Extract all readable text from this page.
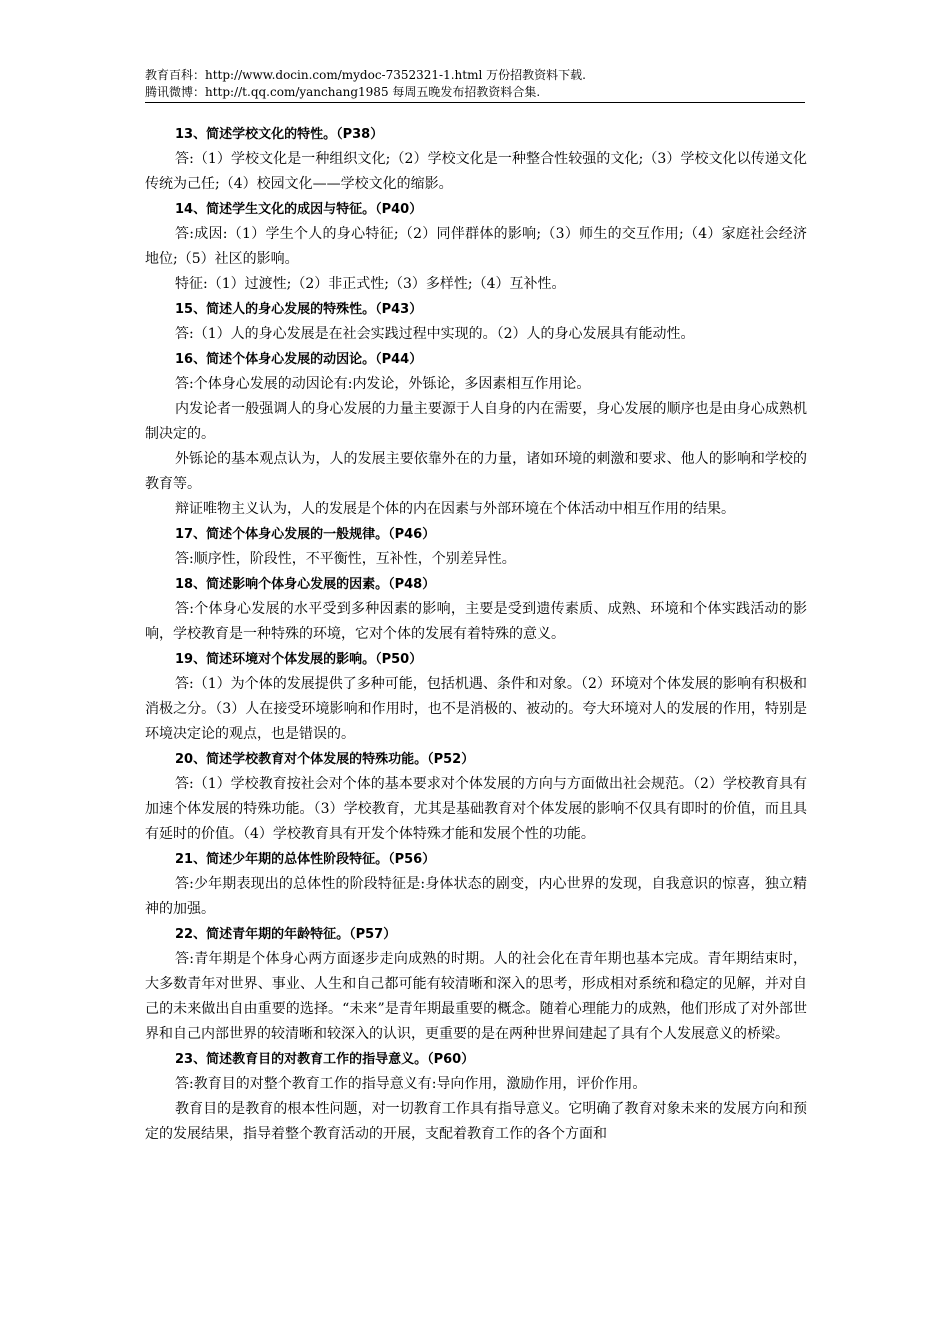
教育百科：http://www.docin.com/mydoc-7352321-1.html 万份招教资料下载.
腾讯微博：http://t.qq.com/yanchang1985 每周五晚发布招教资料合集.

13、简述学校文化的特性。（P38）

答:（1）学校文化是一种组织文化;（2）学校文化是一种整合性较强的文化;（3）学校文化以传递文化传统为己任;（4）校园文化——学校文化的缩影。

14、简述学生文化的成因与特征。（P40）

答:成因:（1）学生个人的身心特征;（2）同伴群体的影响;（3）师生的交互作用;（4）家庭社会经济地位;（5）社区的影响。

特征:（1）过渡性;（2）非正式性;（3）多样性;（4）互补性。

15、简述人的身心发展的特殊性。（P43）

答:（1）人的身心发展是在社会实践过程中实现的。（2）人的身心发展具有能动性。

16、简述个体身心发展的动因论。（P44）

答:个体身心发展的动因论有:内发论，外铄论，多因素相互作用论。

内发论者一般强调人的身心发展的力量主要源于人自身的内在需要，身心发展的顺序也是由身心成熟机制决定的。

外铄论的基本观点认为，人的发展主要依靠外在的力量，诸如环境的刺激和要求、他人的影响和学校的教育等。

辩证唯物主义认为，人的发展是个体的内在因素与外部环境在个体活动中相互作用的结果。

17、简述个体身心发展的一般规律。（P46）

答:顺序性，阶段性，不平衡性，互补性，个别差异性。

18、简述影响个体身心发展的因素。（P48）

答:个体身心发展的水平受到多种因素的影响，主要是受到遗传素质、成熟、环境和个体实践活动的影响，学校教育是一种特殊的环境，它对个体的发展有着特殊的意义。

19、简述环境对个体发展的影响。（P50）

答:（1）为个体的发展提供了多种可能，包括机遇、条件和对象。（2）环境对个体发展的影响有积极和消极之分。（3）人在接受环境影响和作用时，也不是消极的、被动的。夸大环境对人的发展的作用，特别是环境决定论的观点，也是错误的。

20、简述学校教育对个体发展的特殊功能。（P52）

答:（1）学校教育按社会对个体的基本要求对个体发展的方向与方面做出社会规范。（2）学校教育具有加速个体发展的特殊功能。（3）学校教育，尤其是基础教育对个体发展的影响不仅具有即时的价值，而且具有延时的价值。（4）学校教育具有开发个体特殊才能和发展个性的功能。

21、简述少年期的总体性阶段特征。（P56）

答:少年期表现出的总体性的阶段特征是:身体状态的剧变，内心世界的发现，自我意识的惊喜，独立精神的加强。

22、简述青年期的年龄特征。（P57）

答:青年期是个体身心两方面逐步走向成熟的时期。人的社会化在青年期也基本完成。青年期结束时，大多数青年对世界、事业、人生和自己都可能有较清晰和深入的思考，形成相对系统和稳定的见解，并对自己的未来做出自由重要的选择。“未来”是青年期最重要的概念。随着心理能力的成熟，他们形成了对外部世界和自己内部世界的较清晰和较深入的认识，更重要的是在两种世界间建起了具有个人发展意义的桥梁。

23、简述教育目的对教育工作的指导意义。（P60）

答:教育目的对整个教育工作的指导意义有:导向作用，激励作用，评价作用。

教育目的是教育的根本性问题，对一切教育工作具有指导意义。它明确了教育对象未来的发展方向和预定的发展结果，指导着整个教育活动的开展，支配着教育工作的各个方面和
